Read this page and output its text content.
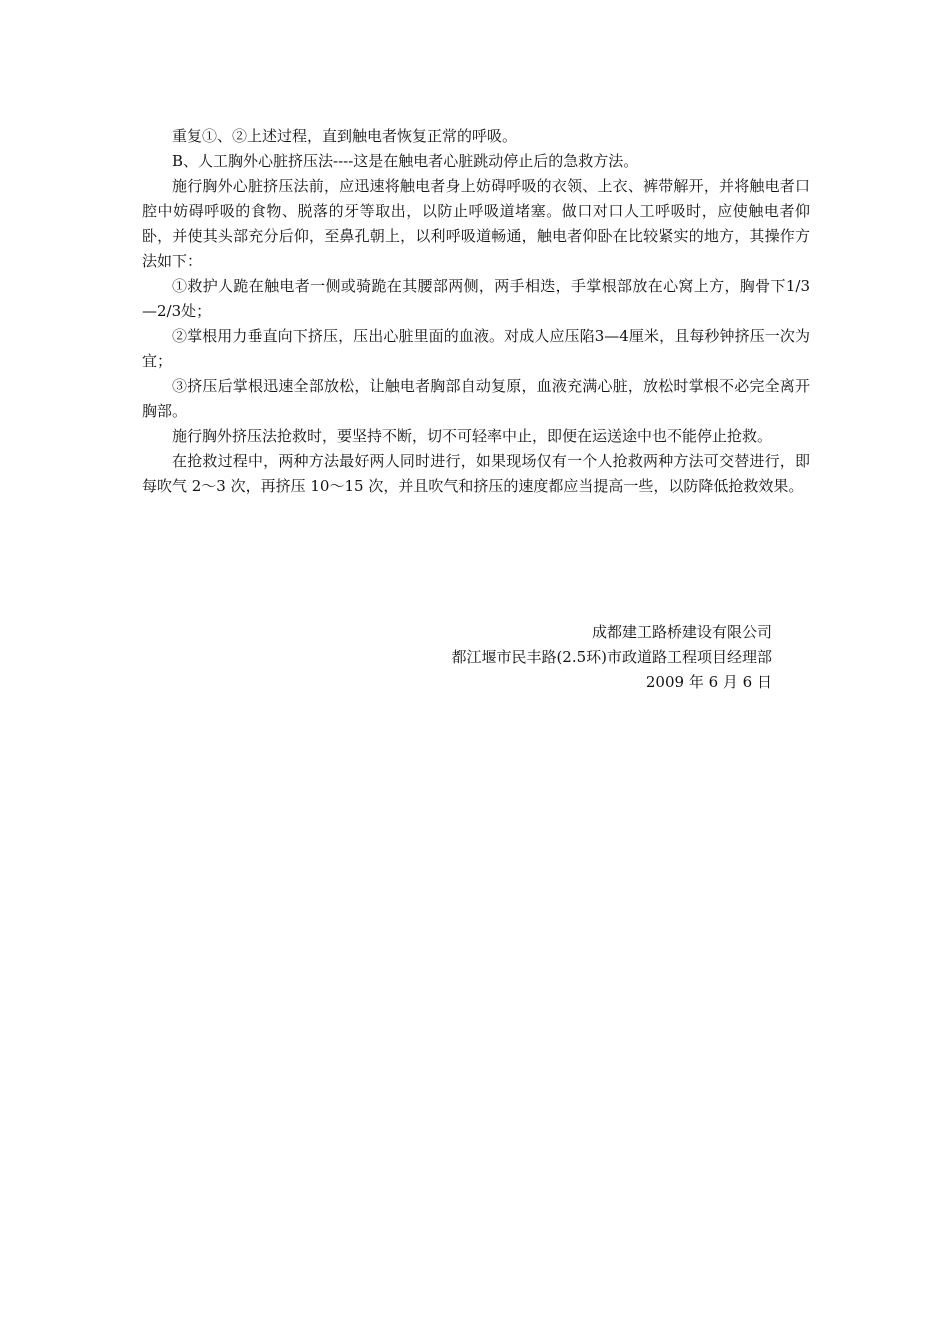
重复①、②上述过程，直到触电者恢复正常的呼吸。

B、人工胸外心脏挤压法----这是在触电者心脏跳动停止后的急救方法。

施行胸外心脏挤压法前，应迅速将触电者身上妨碍呼吸的衣领、上衣、裤带解开，并将触电者口腔中妨碍呼吸的食物、脱落的牙等取出，以防止呼吸道堵塞。做口对口人工呼吸时，应使触电者仰卧，并使其头部充分后仰，至鼻孔朝上，以利呼吸道畅通，触电者仰卧在比较紧实的地方，其操作方法如下：

①救护人跪在触电者一侧或骑跪在其腰部两侧，两手相迭，手掌根部放在心窝上方，胸骨下1/3—2/3处；

②掌根用力垂直向下挤压，压出心脏里面的血液。对成人应压陷3—4厘米，且每秒钟挤压一次为宜；

③挤压后掌根迅速全部放松，让触电者胸部自动复原，血液充满心脏，放松时掌根不必完全离开胸部。

施行胸外挤压法抢救时，要坚持不断，切不可轻率中止，即便在运送途中也不能停止抢救。

在抢救过程中，两种方法最好两人同时进行，如果现场仅有一个人抢救两种方法可交替进行，即每吹气 2～3 次，再挤压 10～15 次，并且吹气和挤压的速度都应当提高一些，以防降低抢救效果。

成都建工路桥建设有限公司
都江堰市民丰路(2.5环)市政道路工程项目经理部
2009 年 6 月 6 日
